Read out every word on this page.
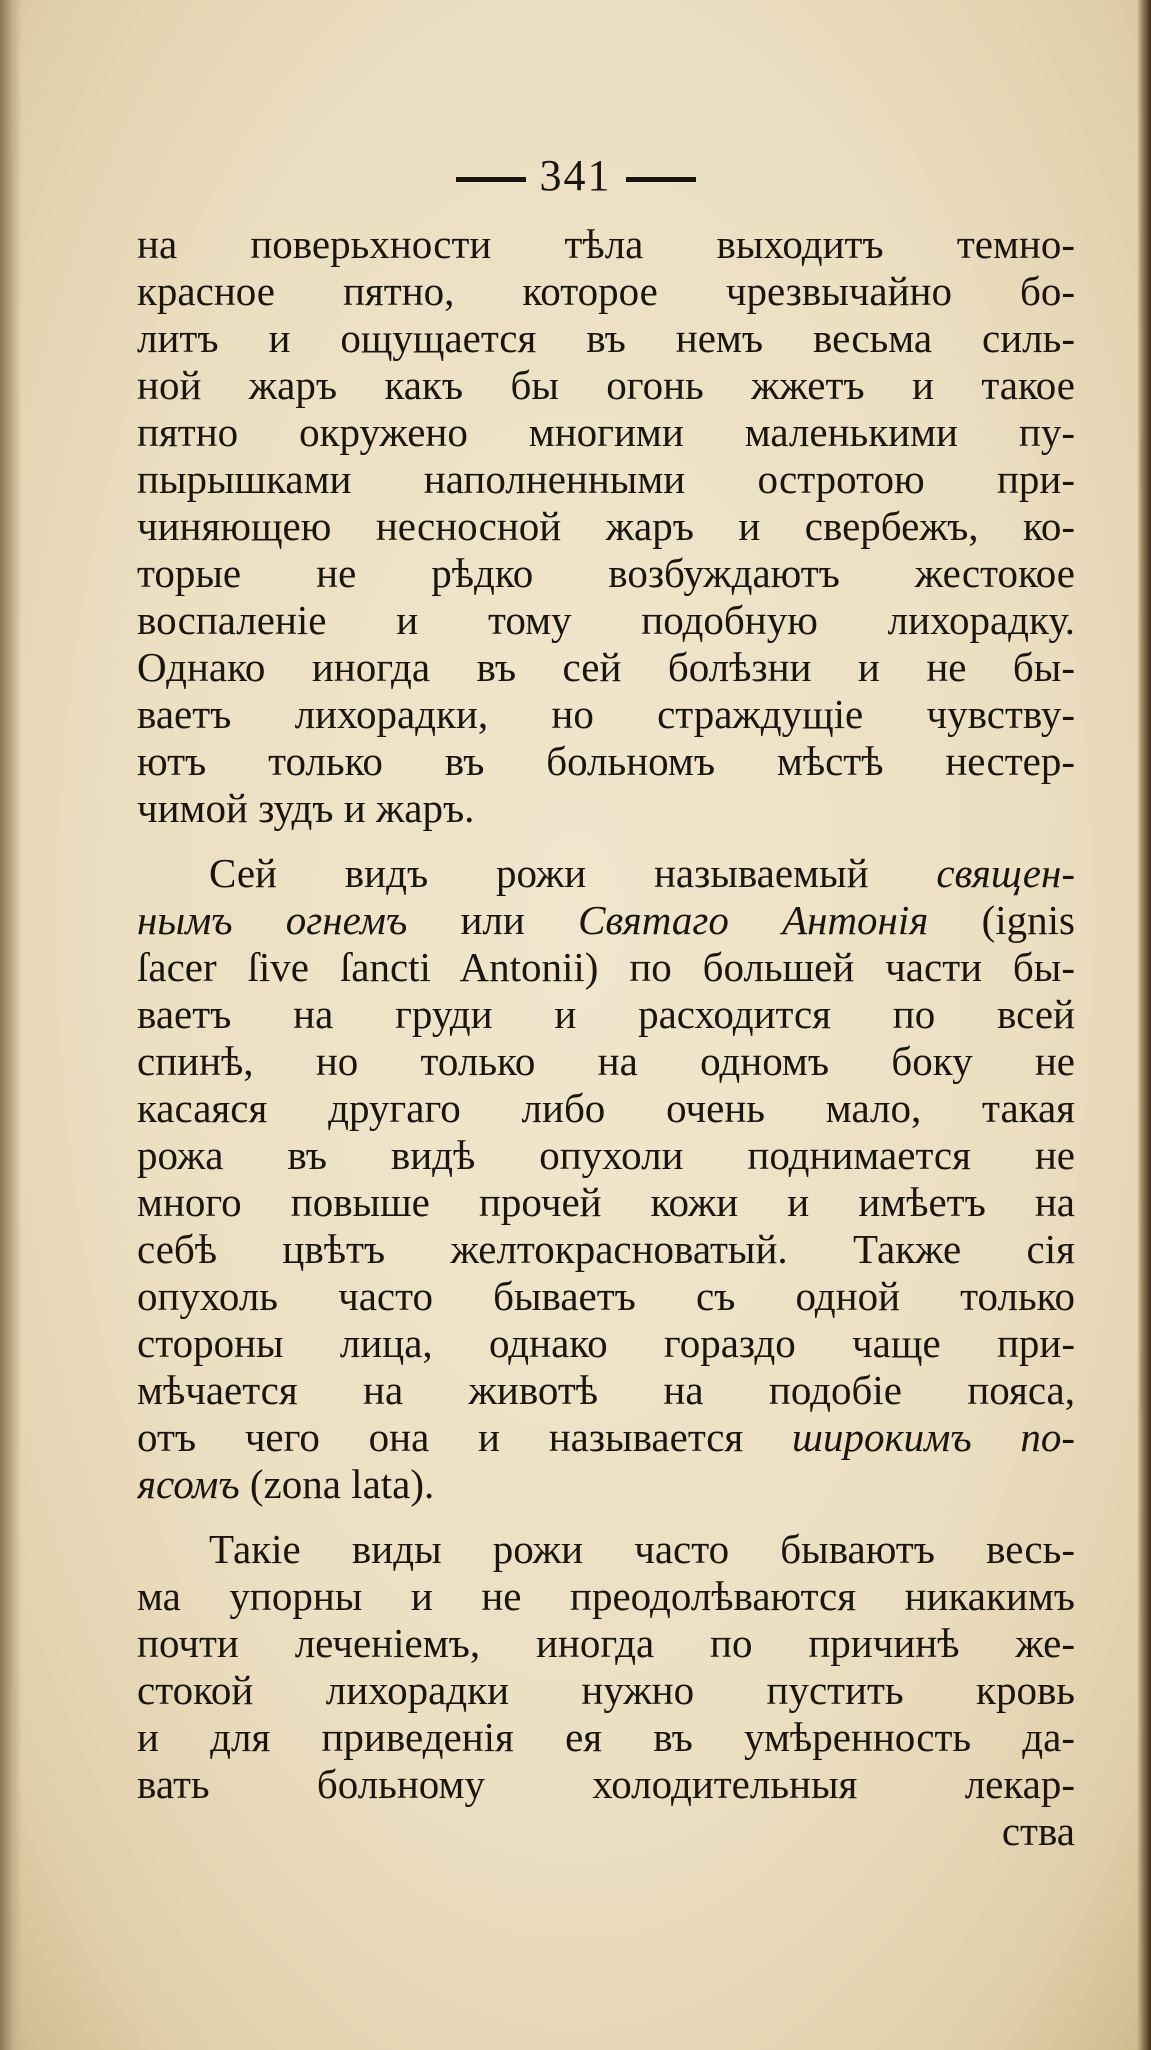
341
на поверьхности тѣла выходитъ темно-
красное пятно, которое чрезвычайно бо-
литъ и ощущается въ немъ весьма силь-
ной жаръ какъ бы огонь жжетъ и такое
пятно окружено многими маленькими пу-
пырышками наполненными остротою при-
чиняющею несносной жаръ и свербежъ, ко-
торые не рѣдко возбуждаютъ жестокое
воспаленіе и тому подобную лихорадку.
Однако иногда въ сей болѣзни и не бы-
ваетъ лихорадки, но страждущіе чувству-
ютъ только въ больномъ мѣстѣ нестер-
чимой зудъ и жаръ.
Сей видъ рожи называемый священ-
нымъ огнемъ или Святаго Антонія (ignis
ſacer ſive ſancti Antonii) по большей части бы-
ваетъ на груди и расходится по всей
спинѣ, но только на одномъ боку не
касаяся другаго либо очень мало, такая
рожа въ видѣ опухоли поднимается не
много повыше прочей кожи и имѣетъ на
себѣ цвѣтъ желтокрасноватый. Также сія
опухоль часто бываетъ съ одной только
стороны лица, однако гораздо чаще при-
мѣчается на животѣ на подобіе пояса,
отъ чего она и называется широкимъ по-
ясомъ (zona lata).
Такіе виды рожи часто бываютъ весь-
ма упорны и не преодолѣваются никакимъ
почти леченіемъ, иногда по причинѣ же-
стокой лихорадки нужно пустить кровь
и для приведенія ея въ умѣренность да-
вать больному холодительныя лекар-
ства
